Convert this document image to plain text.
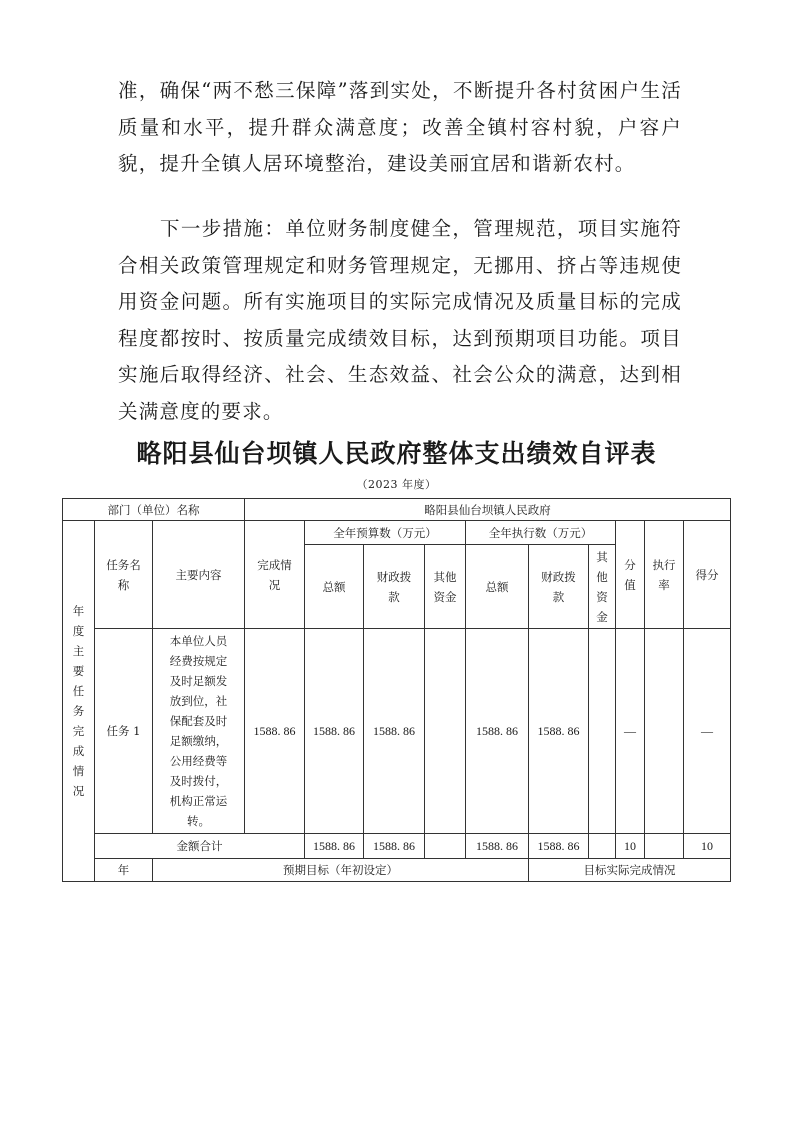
准，确保“两不愁三保障”落到实处，不断提升各村贫困户生活质量和水平，提升群众满意度；改善全镇村容村貌，户容户貌，提升全镇人居环境整治，建设美丽宜居和谐新农村。

下一步措施：单位财务制度健全，管理规范，项目实施符合相关政策管理规定和财务管理规定，无挪用、挤占等违规使用资金问题。所有实施项目的实际完成情况及质量目标的完成程度都按时、按质量完成绩效目标，达到预期项目功能。项目实施后取得经济、社会、生态效益、社会公众的满意，达到相关满意度的要求。

略阳县仙台坝镇人民政府整体支出绩效自评表
（2023 年度）
部门（单位）名称			略阳县仙台坝镇人民政府									

年度主要任务完成情况	任务名称	主要内容	完成情况	全年预算数（万元）			全年执行数（万元）			分值	执行率	得分
				总额	财政拨款	其他资金	总额	财政拨款	其他资金			

	任务 1	本单位人员经费按规定及时足额发放到位，社保配套及时足额缴纳，公用经费等及时拨付，机构正常运转。	1588. 86	1588. 86	1588. 86		1588. 86	1588. 86		—		—
	金额合计			1588. 86	1588. 86		1588. 86	1588. 86		10		10
	年	预期目标（年初设定）						目标实际完成情况				
